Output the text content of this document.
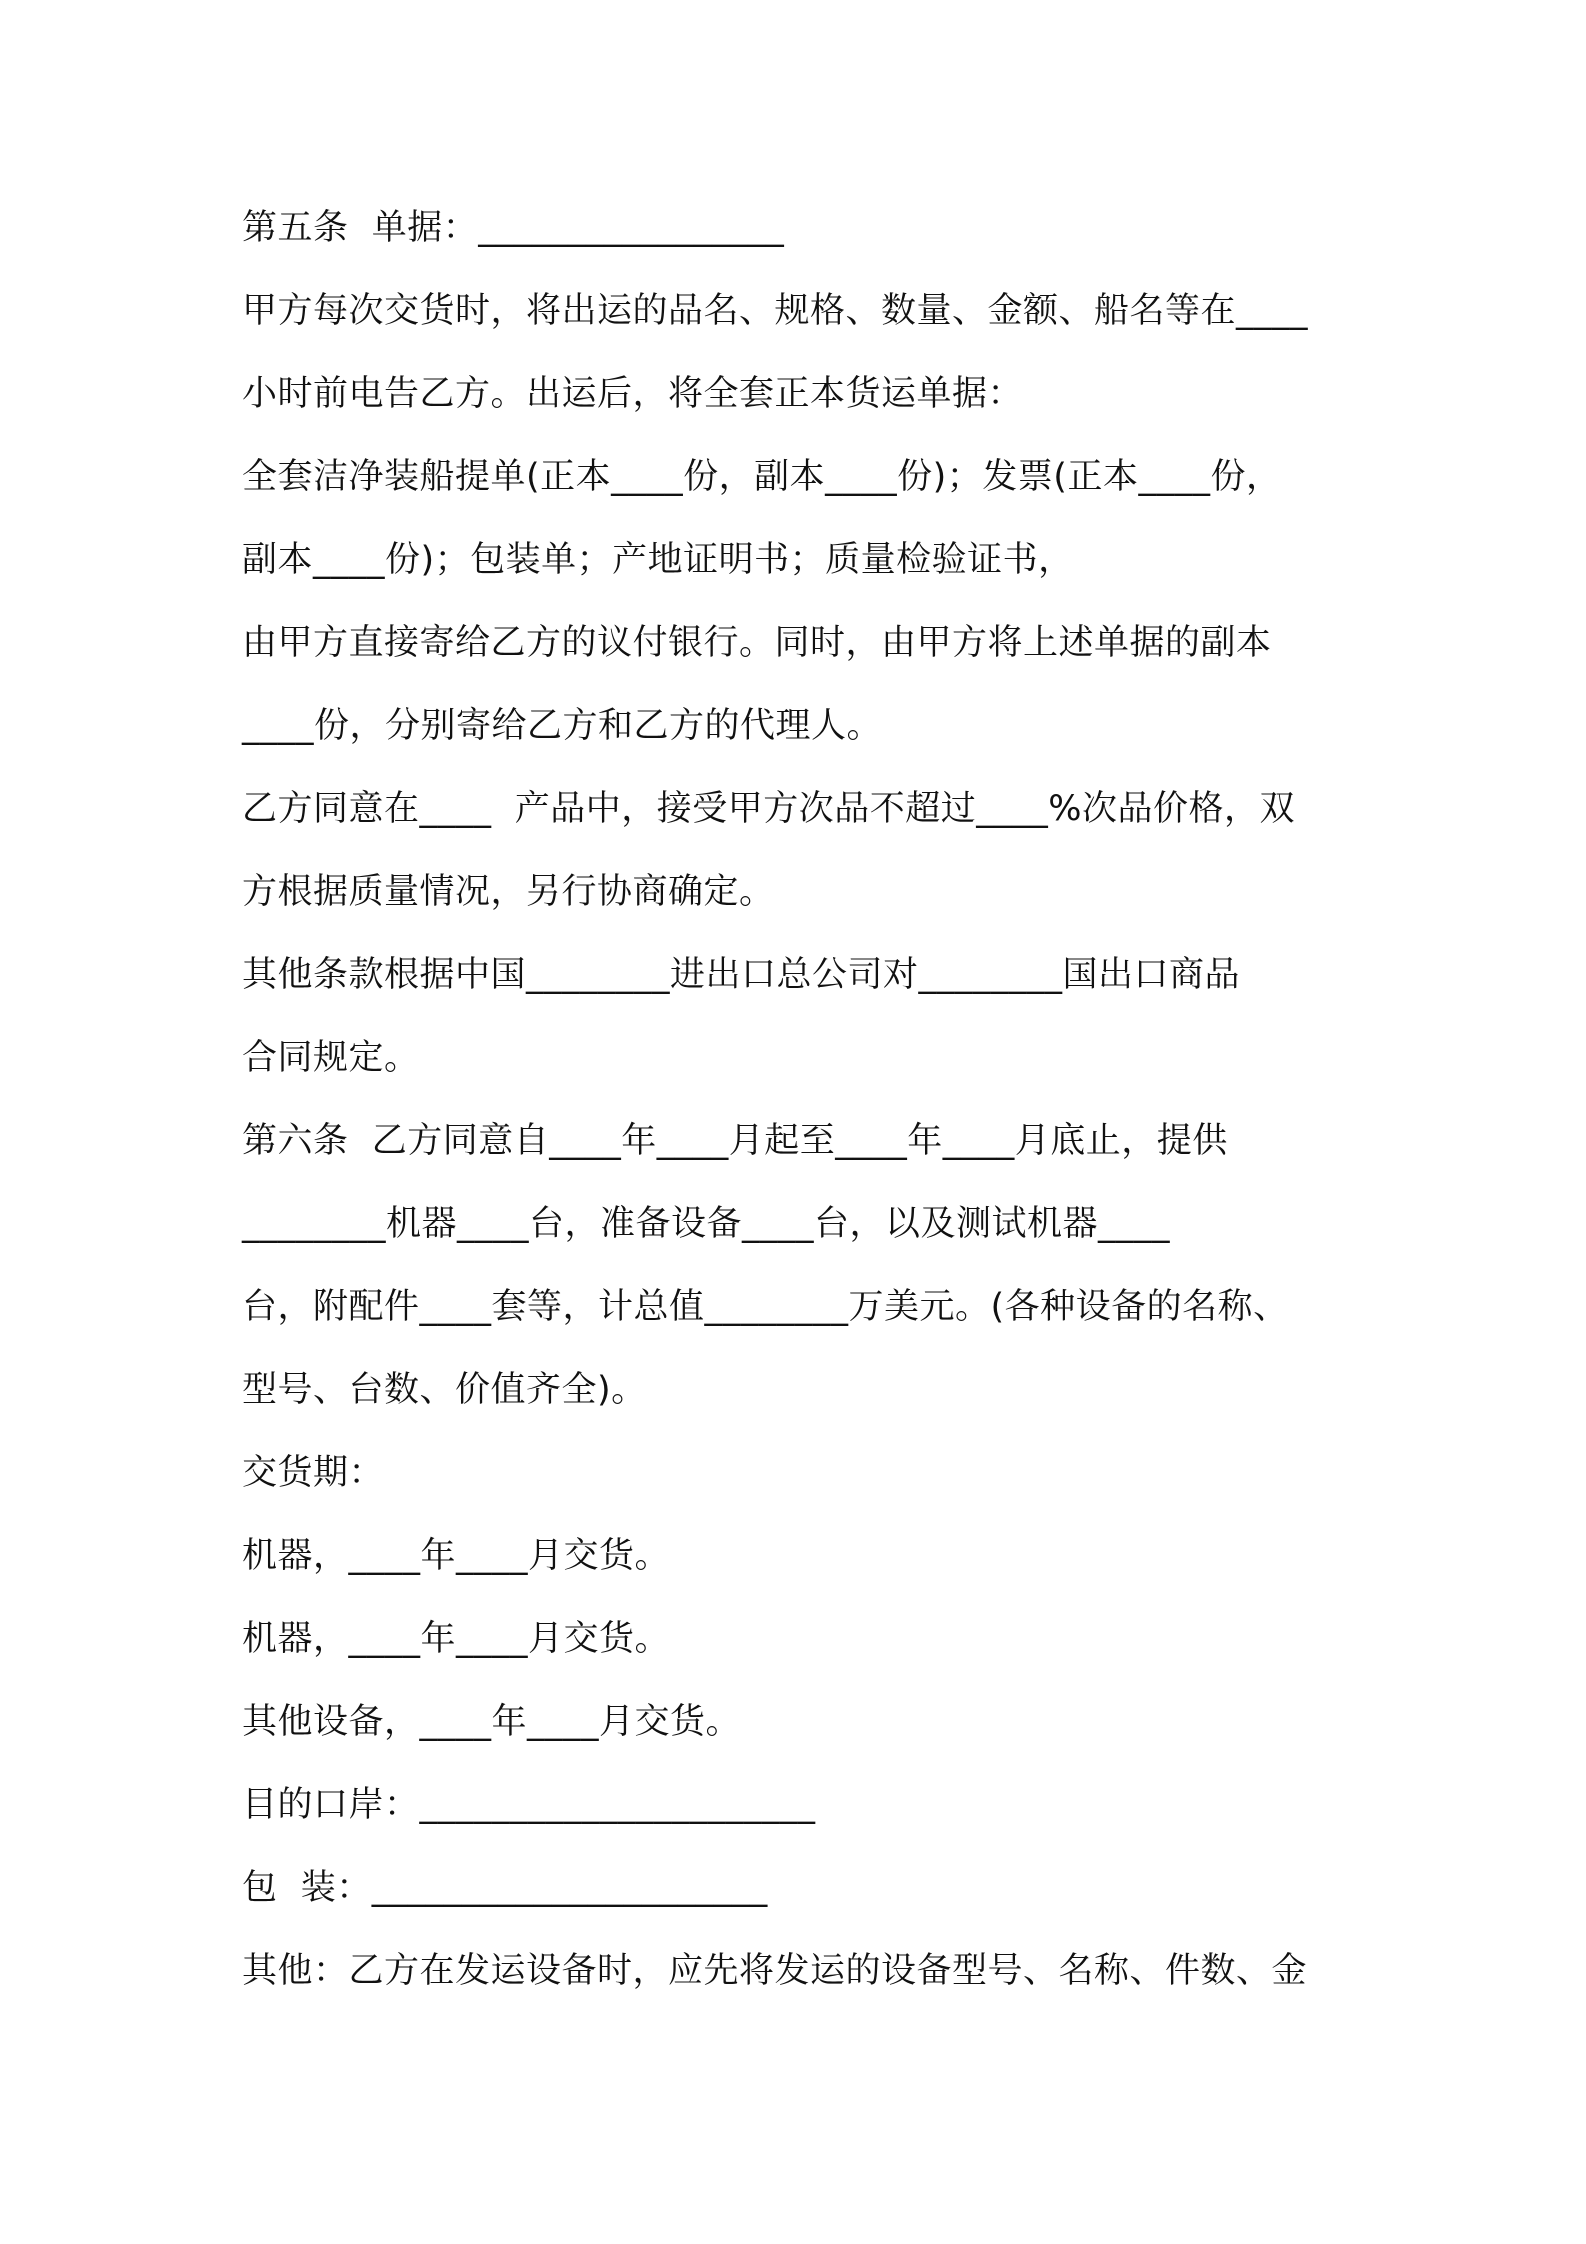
第五条  单据：_________________

甲方每次交货时，将出运的品名、规格、数量、金额、船名等在____

小时前电告乙方。出运后，将全套正本货运单据：

全套洁净装船提单(正本____份，副本____份)；发票(正本____份，

副本____份)；包装单；产地证明书；质量检验证书，

由甲方直接寄给乙方的议付银行。同时，由甲方将上述单据的副本

____份，分别寄给乙方和乙方的代理人。

乙方同意在____  产品中，接受甲方次品不超过____%次品价格，双

方根据质量情况，另行协商确定。

其他条款根据中国________进出口总公司对________国出口商品

合同规定。

第六条  乙方同意自____年____月起至____年____月底止，提供

________机器____台，准备设备____台，以及测试机器____

台，附配件____套等，计总值________万美元。(各种设备的名称、

型号、台数、价值齐全)。

交货期：

机器，____年____月交货。

机器，____年____月交货。

其他设备，____年____月交货。

目的口岸：______________________

包  装：______________________

其他：乙方在发运设备时，应先将发运的设备型号、名称、件数、金
